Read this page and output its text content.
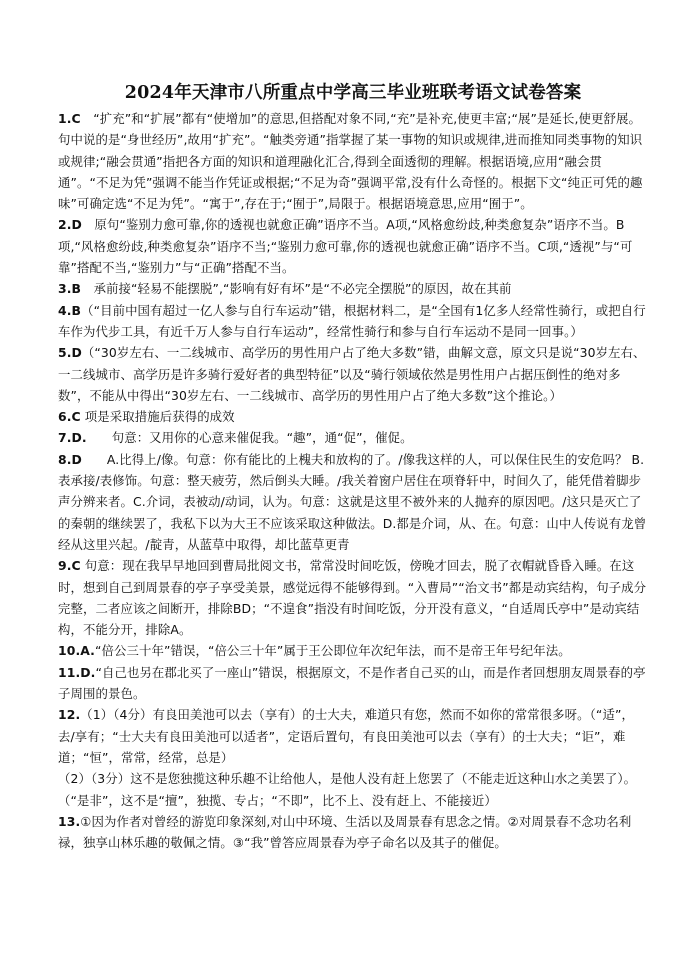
2024年天津市八所重点中学高三毕业班联考语文试卷答案

1.C　“扩充”和“扩展”都有“使增加”的意思,但搭配对象不同,“充”是补充,使更丰富;“展”是延长,使更舒展。句中说的是“身世经历”,故用“扩充”。“触类旁通”指掌握了某一事物的知识或规律,进而推知同类事物的知识或规律;“融会贯通”指把各方面的知识和道理融化汇合,得到全面透彻的理解。根据语境,应用“融会贯通”。“不足为凭”强调不能当作凭证或根据;“不足为奇”强调平常,没有什么奇怪的。根据下文“纯正可凭的趣味”可确定选“不足为凭”。“寓于”,存在于;“囿于”,局限于。根据语境意思,应用“囿于”。

2.D　原句“鉴别力愈可靠,你的透视也就愈正确”语序不当。A项,“风格愈纷歧,种类愈复杂”语序不当。B项,“风格愈纷歧,种类愈复杂”语序不当;“鉴别力愈可靠,你的透视也就愈正确”语序不当。C项,“透视”与“可靠”搭配不当,“鉴别力”与“正确”搭配不当。

3.B　承前接“轻易不能摆脱”,“影响有好有坏”是“不必完全摆脱”的原因，故在其前

4.B（“目前中国有超过一亿人参与自行车运动”错，根据材料二，是“全国有1亿多人经常性骑行，或把自行车作为代步工具，有近千万人参与自行车运动”，经常性骑行和参与自行车运动不是同一回事。）

5.D（“30岁左右、一二线城市、高学历的男性用户占了绝大多数”错，曲解文意，原文只是说“30岁左右、一二线城市、高学历是许多骑行爱好者的典型特征”以及“骑行领域依然是男性用户占据压倒性的绝对多数”，不能从中得出“30岁左右、一二线城市、高学历的男性用户占了绝大多数”这个推论。）

6.C 项是采取措施后获得的成效

7.D.　　句意：又用你的心意来催促我。“趣”，通“促”，催促。

8.D　　A.比得上/像。句意：你有能比的上槐夫和放构的了。/像我这样的人，可以保住民生的安危吗？ B.表承接/表修饰。句意：整天疲劳，然后倒头大睡。/我关着窗户居住在项脊轩中，时间久了，能凭借着脚步声分辨来者。C.介词，表被动/动词，认为。句意：这就是这里不被外来的人抛弃的原因吧。/这只是灭亡了的秦朝的继续罢了，我私下以为大王不应该采取这种做法。D.都是介词，从、在。句意：山中人传说有龙曾经从这里兴起。/靛青，从蓝草中取得，却比蓝草更青

9.C 句意：现在我早早地回到曹局批阅文书，常常没时间吃饭，傍晚才回去，脱了衣帽就昏昏入睡。在这时，想到自己到周景春的亭子享受美景，感觉远得不能够得到。“入曹局”“治文书”都是动宾结构，句子成分完整，二者应该之间断开，排除BD；“不遑食”指没有时间吃饭，分开没有意义，“自适周氏亭中”是动宾结构，不能分开，排除A。

10.A.“倍公三十年”错误，“倍公三十年”属于王公即位年次纪年法，而不是帝王年号纪年法。

11.D.“自己也另在郡北买了一座山”错误，根据原文，不是作者自己买的山，而是作者回想朋友周景春的亭子周围的景色。

12.（1）（4分）有良田美池可以去（享有）的士大夫，难道只有您，然而不如你的常常很多呀。（“适”，去/享有；“士大夫有良田美池可以适者”，定语后置句，有良田美池可以去（享有）的士大夫；“讵”，难道；“恒”，常常，经常，总是）

（2）（3分）这不是您独揽这种乐趣不让给他人，是他人没有赶上您罢了（不能走近这种山水之美罢了）。（“是非”，这不是“擅”，独揽、专占；“不即”，比不上、没有赶上、不能接近）

13.①因为作者对曾经的游览印象深刻,对山中环境、生活以及周景春有思念之情。②对周景春不念功名利禄，独享山林乐趣的敬佩之情。③“我”曾答应周景春为亭子命名以及其子的催促。
